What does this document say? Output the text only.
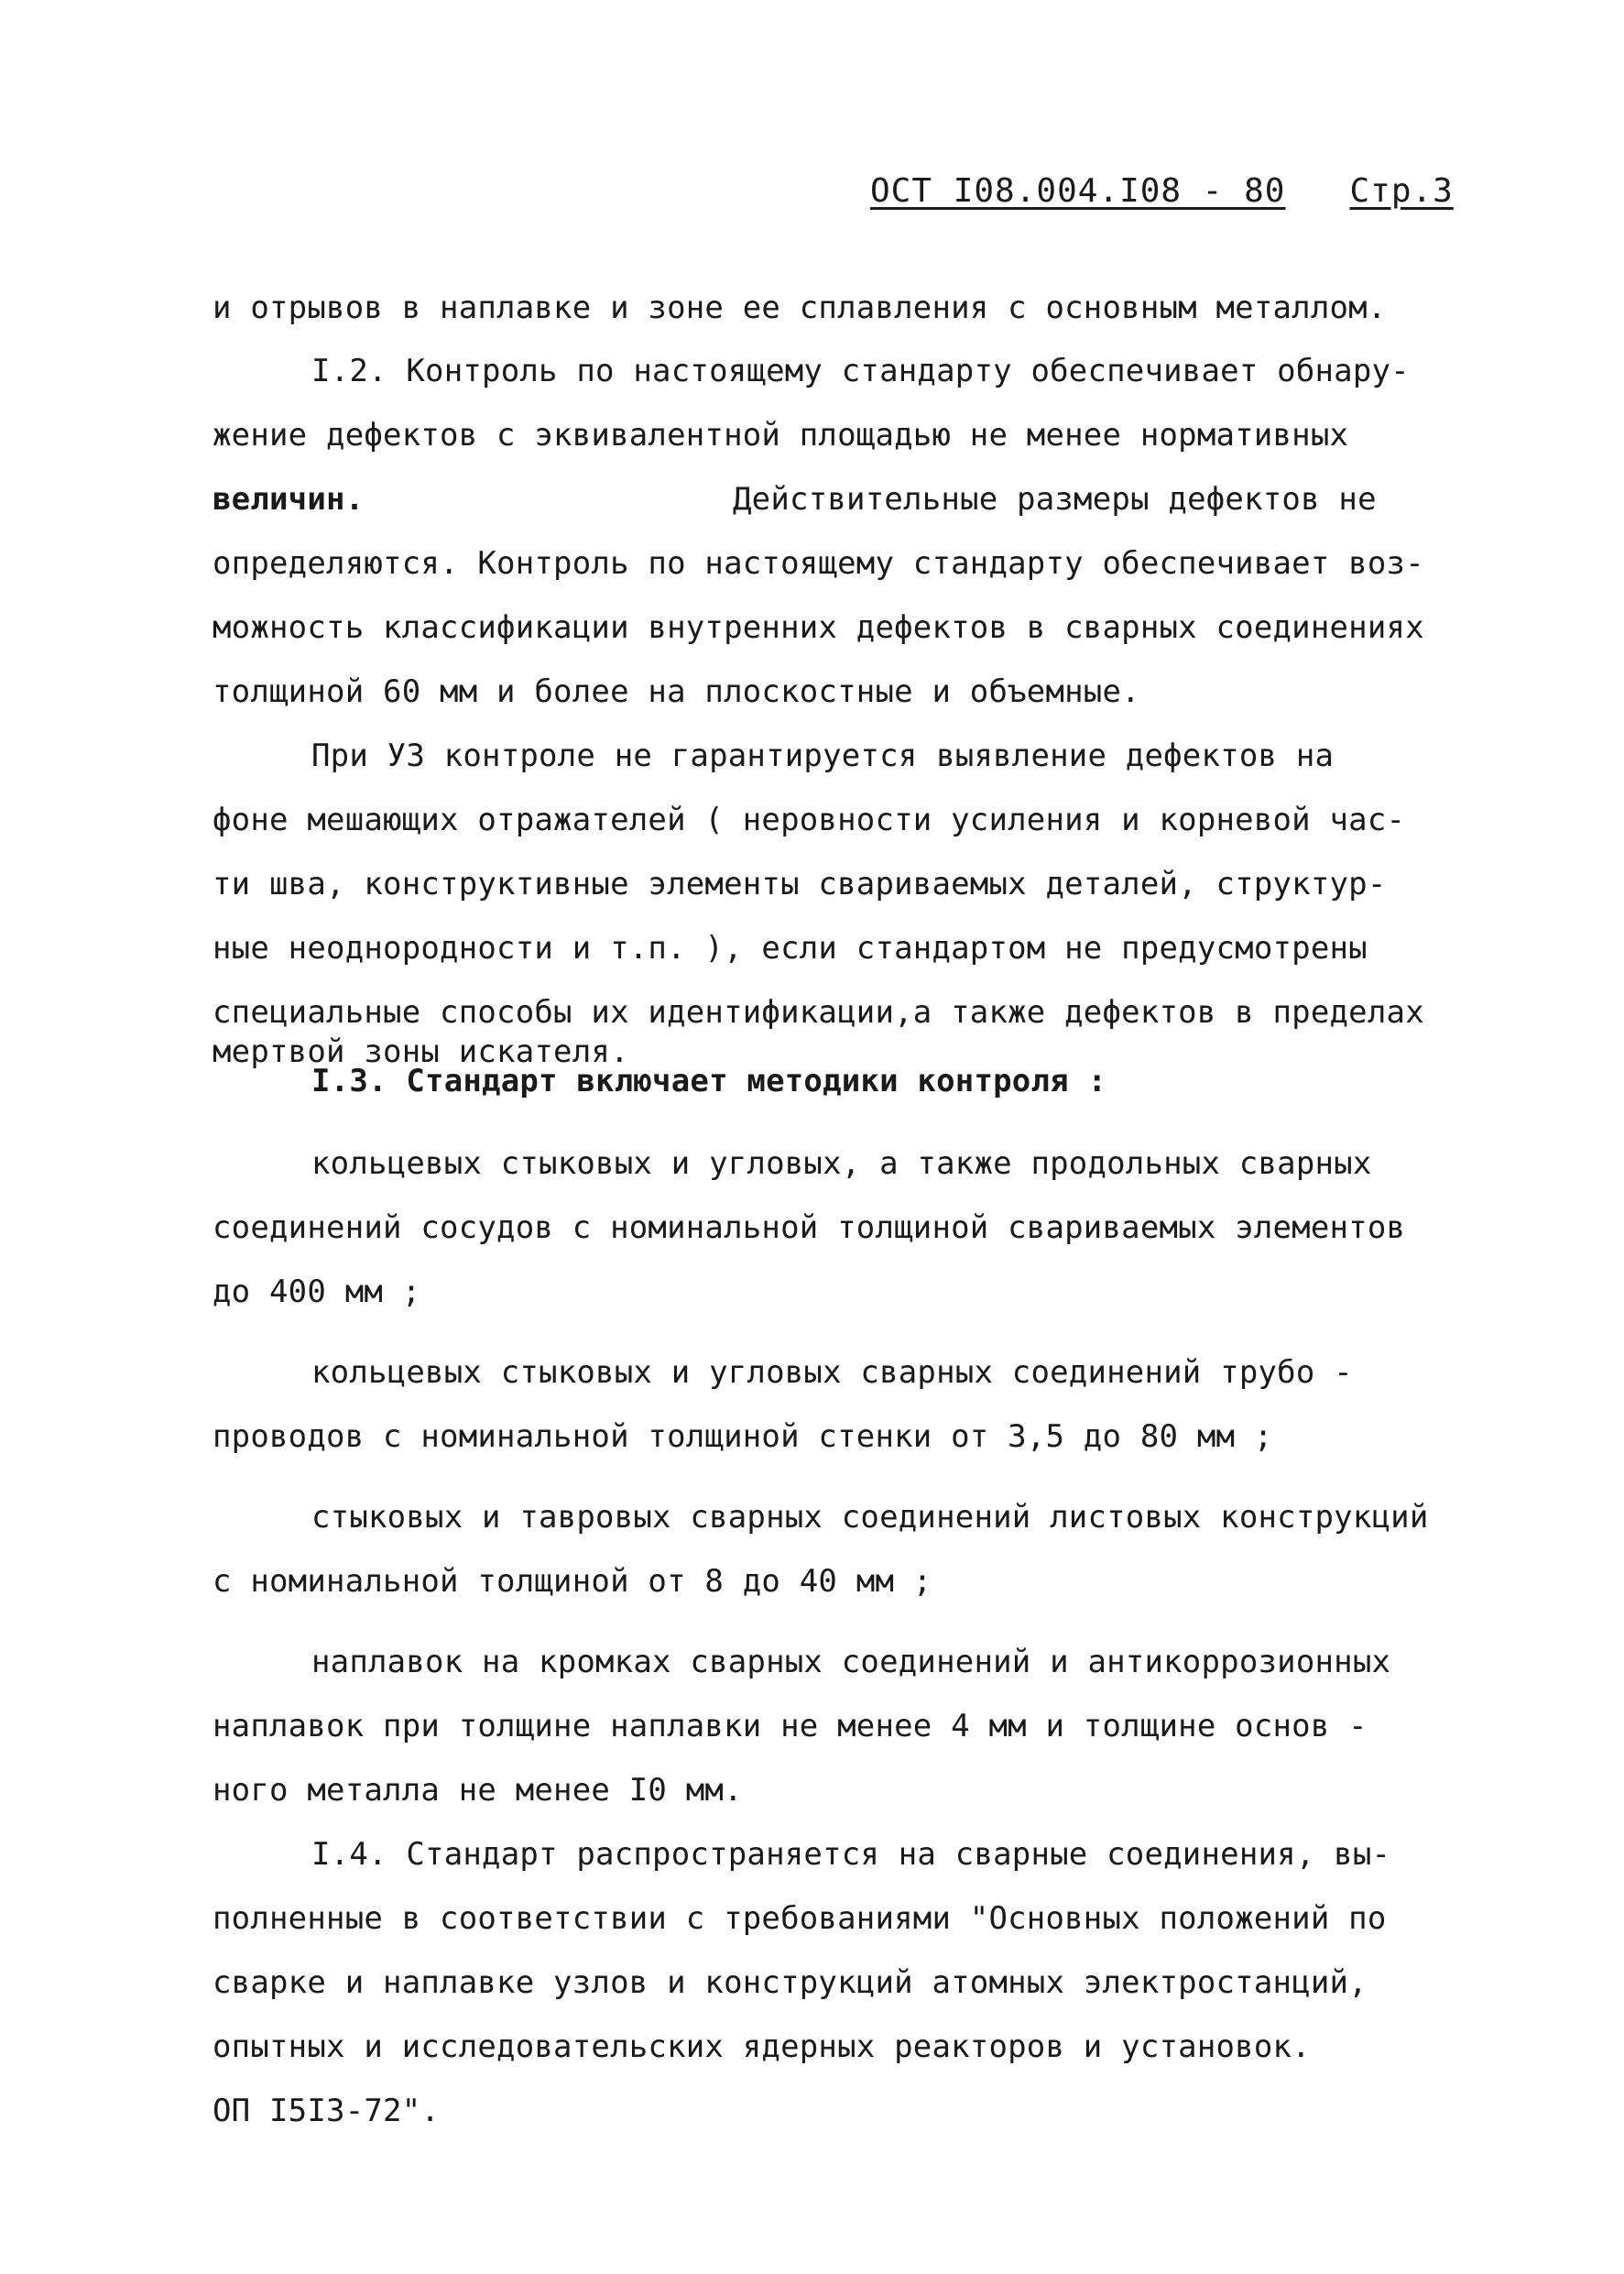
ОСТ I08.004.I08 - 80 Стр.3
и отрывов в наплавке и зоне ее сплавления с основным металлом.
I.2. Контроль по настоящему стандарту обеспечивает обнару-
жение дефектов с эквивалентной площадью не менее нормативных
величин.	Действительные размеры дефектов не
определяются. Контроль по настоящему стандарту обеспечивает воз-
можность классификации внутренних дефектов в сварных соединениях
толщиной 60 мм и более на плоскостные и объемные.
При УЗ контроле не гарантируется выявление дефектов на
фоне мешающих отражателей ( неровности усиления и корневой час-
ти шва, конструктивные элементы свариваемых деталей, структур-
ные неоднородности и т.п. ), если стандартом не предусмотрены
специальные способы их идентификации,а также дефектов в пределах
мертвой зоны искателя.
I.3. Стандарт включает методики контроля :
кольцевых стыковых и угловых, а также продольных сварных
соединений сосудов с номинальной толщиной свариваемых элементов
до 400 мм ;
кольцевых стыковых и угловых сварных соединений трубо -
проводов с номинальной толщиной стенки от 3,5 до 80 мм ;
стыковых и тавровых сварных соединений листовых конструкций
с номинальной толщиной от 8 до 40 мм ;
наплавок на кромках сварных соединений и антикоррозионных
наплавок при толщине наплавки не менее 4 мм и толщине основ -
ного металла не менее I0 мм.
I.4. Стандарт распространяется на сварные соединения, вы-
полненные в соответствии с требованиями "Основных положений по
сварке и наплавке узлов и конструкций атомных электростанций,
опытных и исследовательских ядерных реакторов и установок.
ОП I5I3-72".
